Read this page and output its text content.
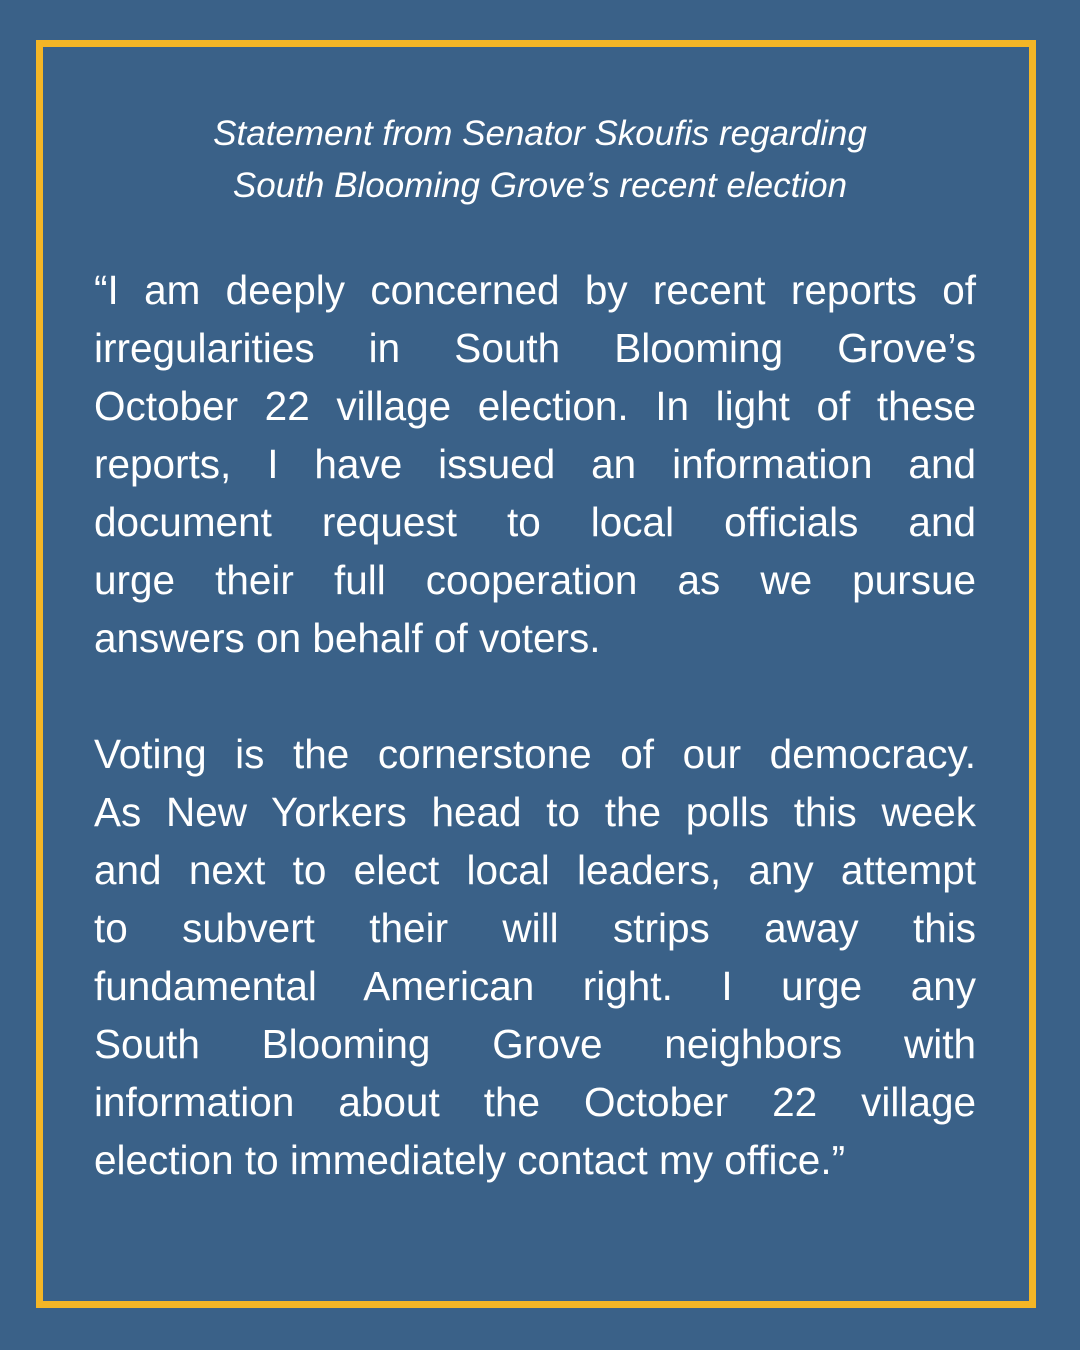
Statement from Senator Skoufis regarding
South Blooming Grove’s recent election

“I am deeply concerned by recent reports of
irregularities in South Blooming Grove’s
October 22 village election. In light of these
reports, I have issued an information and
document request to local officials and
urge their full cooperation as we pursue
answers on behalf of voters.

Voting is the cornerstone of our democracy.
As New Yorkers head to the polls this week
and next to elect local leaders, any attempt
to subvert their will strips away this
fundamental American right. I urge any
South Blooming Grove neighbors with
information about the October 22 village
election to immediately contact my office.”
